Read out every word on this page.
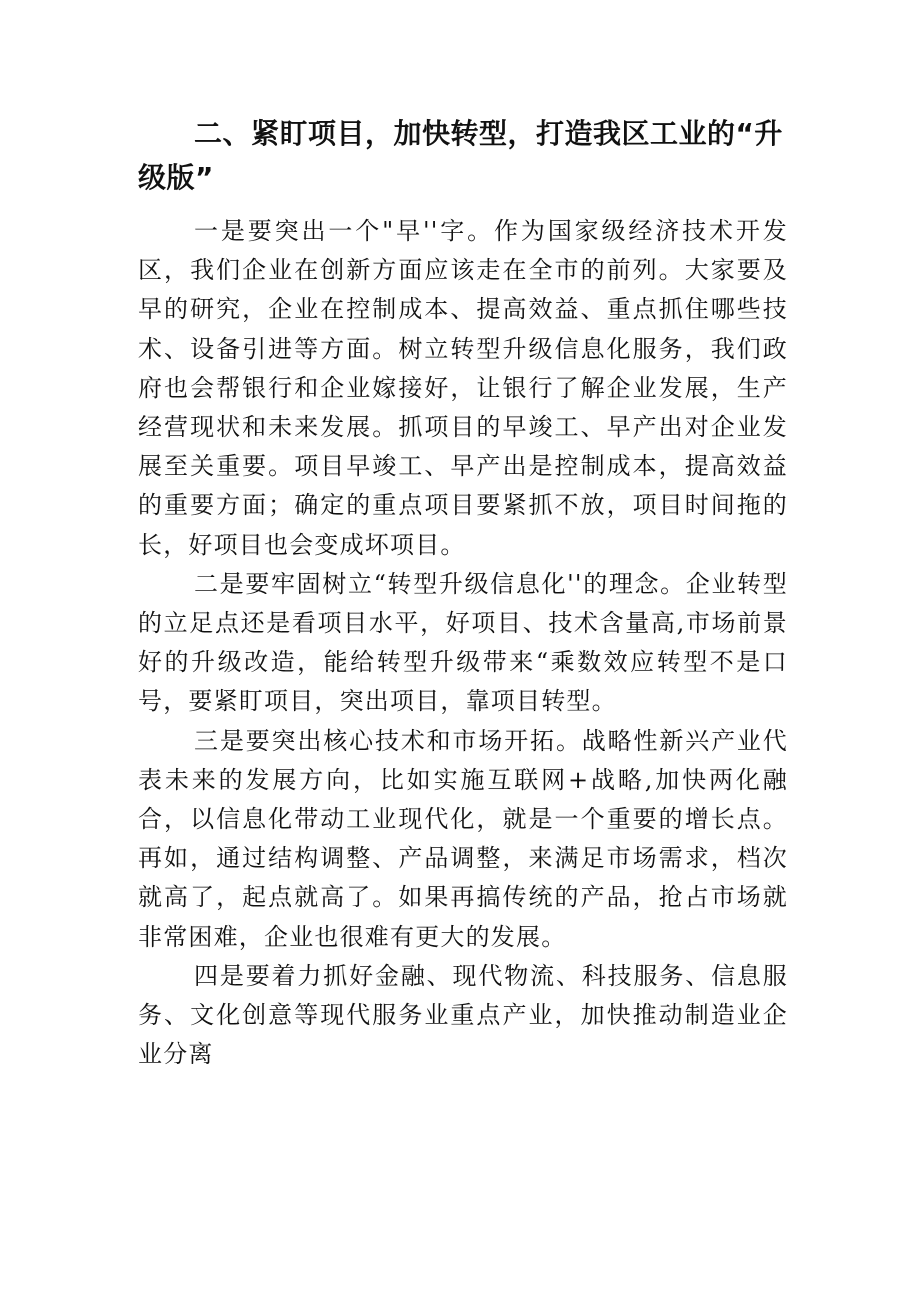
二、紧盯项目，加快转型，打造我区工业的“升级版”

一是要突出一个"早''字。作为国家级经济技术开发区，我们企业在创新方面应该走在全市的前列。大家要及早的研究，企业在控制成本、提高效益、重点抓住哪些技术、设备引进等方面。树立转型升级信息化服务，我们政府也会帮银行和企业嫁接好，让银行了解企业发展，生产经营现状和未来发展。抓项目的早竣工、早产出对企业发展至关重要。项目早竣工、早产出是控制成本，提高效益的重要方面；确定的重点项目要紧抓不放，项目时间拖的长，好项目也会变成坏项目。

二是要牢固树立“转型升级信息化''的理念。企业转型的立足点还是看项目水平，好项目、技术含量高,市场前景好的升级改造，能给转型升级带来“乘数效应转型不是口号，要紧盯项目，突出项目，靠项目转型。

三是要突出核心技术和市场开拓。战略性新兴产业代表未来的发展方向，比如实施互联网+战略,加快两化融合，以信息化带动工业现代化，就是一个重要的增长点。再如，通过结构调整、产品调整，来满足市场需求，档次就高了，起点就高了。如果再搞传统的产品，抢占市场就非常困难，企业也很难有更大的发展。

四是要着力抓好金融、现代物流、科技服务、信息服务、文化创意等现代服务业重点产业，加快推动制造业企业分离
